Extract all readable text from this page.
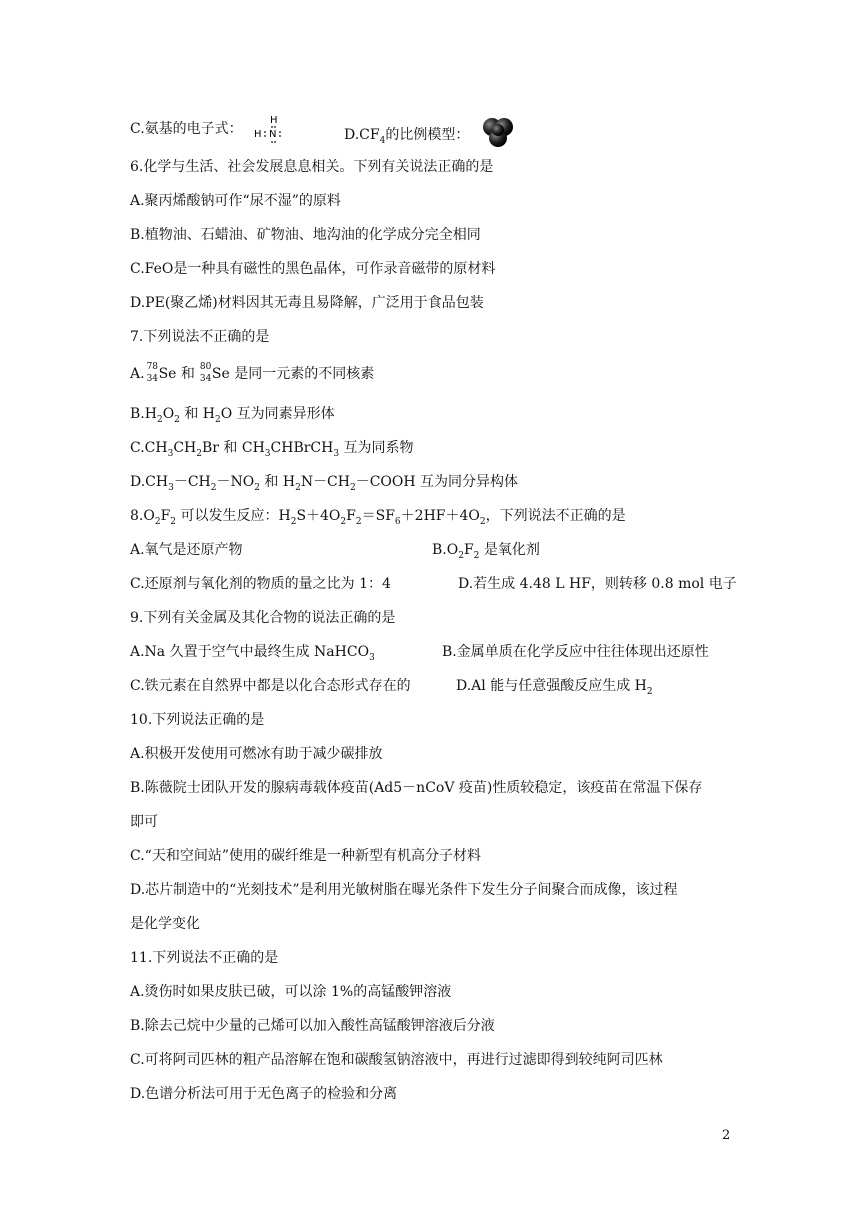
C.氨基的电子式：
H
H N	$D.CF_4$的比例模型：
6.化学与生活、社会发展息息相关。下列有关说法正确的是
A.聚丙烯酸钠可作“尿不湿”的原料
B.植物油、石蜡油、矿物油、地沟油的化学成分完全相同
C.FeO是一种具有磁性的黑色晶体，可作录音磁带的原材料
D.PE(聚乙烯)材料因其无毒且易降解，广泛用于食品包装
7.下列说法不正确的是
A. 78
34 Se 和 80
34 Se 是同一元素的不同核素
$B.H_2O_2$ 和 $H_2O$ 互为同素异形体
$C.CH_3CH_2Br$ 和 $CH_3CHBrCH_3$ 互为同系物
$D.CH_3-CH_2-NO_2$ 和 $H_2N-CH_2-COOH$ 互为同分异构体
$8.O_2F_2$ 可以发生反应：$H_2S+4O_2F_2=SF_6+2HF+4O_2$，下列说法不正确的是
A.氧气是还原产物	$B.O_2F_2$ 是氧化剂
C.还原剂与氧化剂的物质的量之比为 1：4	D.若生成 4.48 L HF，则转移 0.8 mol 电子
9.下列有关金属及其化合物的说法正确的是
A.Na 久置于空气中最终生成 NaHCO$_3$	B.金属单质在化学反应中往往体现出还原性
C.铁元素在自然界中都是以化合态形式存在的	D.Al 能与任意强酸反应生成 $H_2$
10.下列说法正确的是
A.积极开发使用可燃冰有助于减少碳排放
B.陈薇院士团队开发的腺病毒载体疫苗(Ad5－nCoV 疫苗)性质较稳定，该疫苗在常温下保存
即可
C.“天和空间站”使用的碳纤维是一种新型有机高分子材料
D.芯片制造中的“光刻技术”是利用光敏树脂在曝光条件下发生分子间聚合而成像，该过程
是化学变化
11.下列说法不正确的是
A.烫伤时如果皮肤已破，可以涂 1%的高锰酸钾溶液
B.除去己烷中少量的己烯可以加入酸性高锰酸钾溶液后分液
C.可将阿司匹林的粗产品溶解在饱和碳酸氢钠溶液中，再进行过滤即得到较纯阿司匹林
D.色谱分析法可用于无色离子的检验和分离
2
